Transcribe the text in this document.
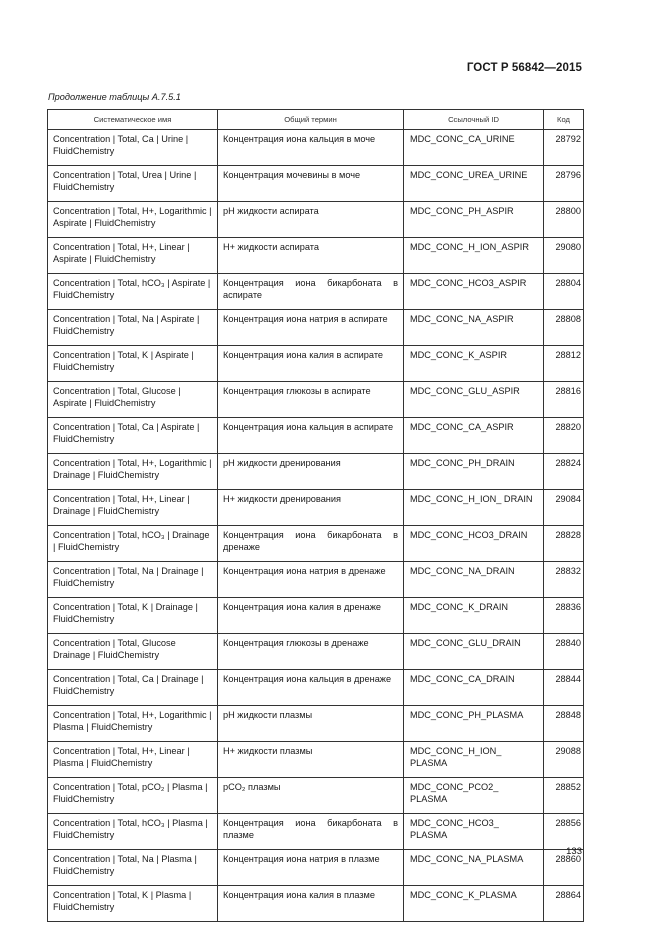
ГОСТ Р 56842—2015
Продолжение таблицы А.7.5.1
Систематическое имя	Общий термин	Ссылочный ID	Код
Concentration | Total, Ca | Urine | FluidChemistry	Концентрация иона кальция в моче	MDC_CONC_CA_URINE	28792
Concentration | Total, Urea | Urine | FluidChemistry	Концентрация мочевины в моче	MDC_CONC_UREA_URINE	28796
Concentration | Total, H+, Logarithmic | Aspirate | FluidChemistry	pH жидкости аспирата	MDC_CONC_PH_ASPIR	28800
Concentration | Total, H+, Linear | Aspirate | FluidChemistry	H+ жидкости аспирата	MDC_CONC_H_ION_ASPIR	29080
Concentration | Total, hCO₃ | Aspirate | FluidChemistry	Концентрация иона бикарбоната в аспирате	MDC_CONC_HCO3_ASPIR	28804
Concentration | Total, Na | Aspirate | FluidChemistry	Концентрация иона натрия в аспирате	MDC_CONC_NA_ASPIR	28808
Concentration | Total, K | Aspirate | FluidChemistry	Концентрация иона калия в аспирате	MDC_CONC_K_ASPIR	28812
Concentration | Total, Glucose | Aspirate | FluidChemistry	Концентрация глюкозы в аспирате	MDC_CONC_GLU_ASPIR	28816
Concentration | Total, Ca | Aspirate | FluidChemistry	Концентрация иона кальция в аспирате	MDC_CONC_CA_ASPIR	28820
Concentration | Total, H+, Logarithmic | Drainage | FluidChemistry	pH жидкости дренирования	MDC_CONC_PH_DRAIN	28824
Concentration | Total, H+, Linear | Drainage | FluidChemistry	H+ жидкости дренирования	MDC_CONC_H_ION_ DRAIN	29084
Concentration | Total, hCO₃ | Drainage | FluidChemistry	Концентрация иона бикарбоната в дренаже	MDC_CONC_HCO3_DRAIN	28828
Concentration | Total, Na | Drainage | FluidChemistry	Концентрация иона натрия в дренаже	MDC_CONC_NA_DRAIN	28832
Concentration | Total, K | Drainage | FluidChemistry	Концентрация иона калия в дренаже	MDC_CONC_K_DRAIN	28836
Concentration | Total, Glucose Drainage | FluidChemistry	Концентрация глюкозы в дренаже	MDC_CONC_GLU_DRAIN	28840
Concentration | Total, Ca | Drainage | FluidChemistry	Концентрация иона кальция в дренаже	MDC_CONC_CA_DRAIN	28844
Concentration | Total, H+, Logarithmic | Plasma | FluidChemistry	pH жидкости плазмы	MDC_CONC_PH_PLASMA	28848
Concentration | Total, H+, Linear | Plasma | FluidChemistry	H+ жидкости плазмы	MDC_CONC_H_ION_ PLASMA	29088
Concentration | Total, pCO₂ | Plasma | FluidChemistry	pCO₂ плазмы	MDC_CONC_PCO2_ PLASMA	28852
Concentration | Total, hCO₃ | Plasma | FluidChemistry	Концентрация иона бикарбоната в плазме	MDC_CONC_HCO3_ PLASMA	28856
Concentration | Total, Na | Plasma | FluidChemistry	Концентрация иона натрия в плазме	MDC_CONC_NA_PLASMA	28860
Concentration | Total, K | Plasma | FluidChemistry	Концентрация иона калия в плазме	MDC_CONC_K_PLASMA	28864
133
